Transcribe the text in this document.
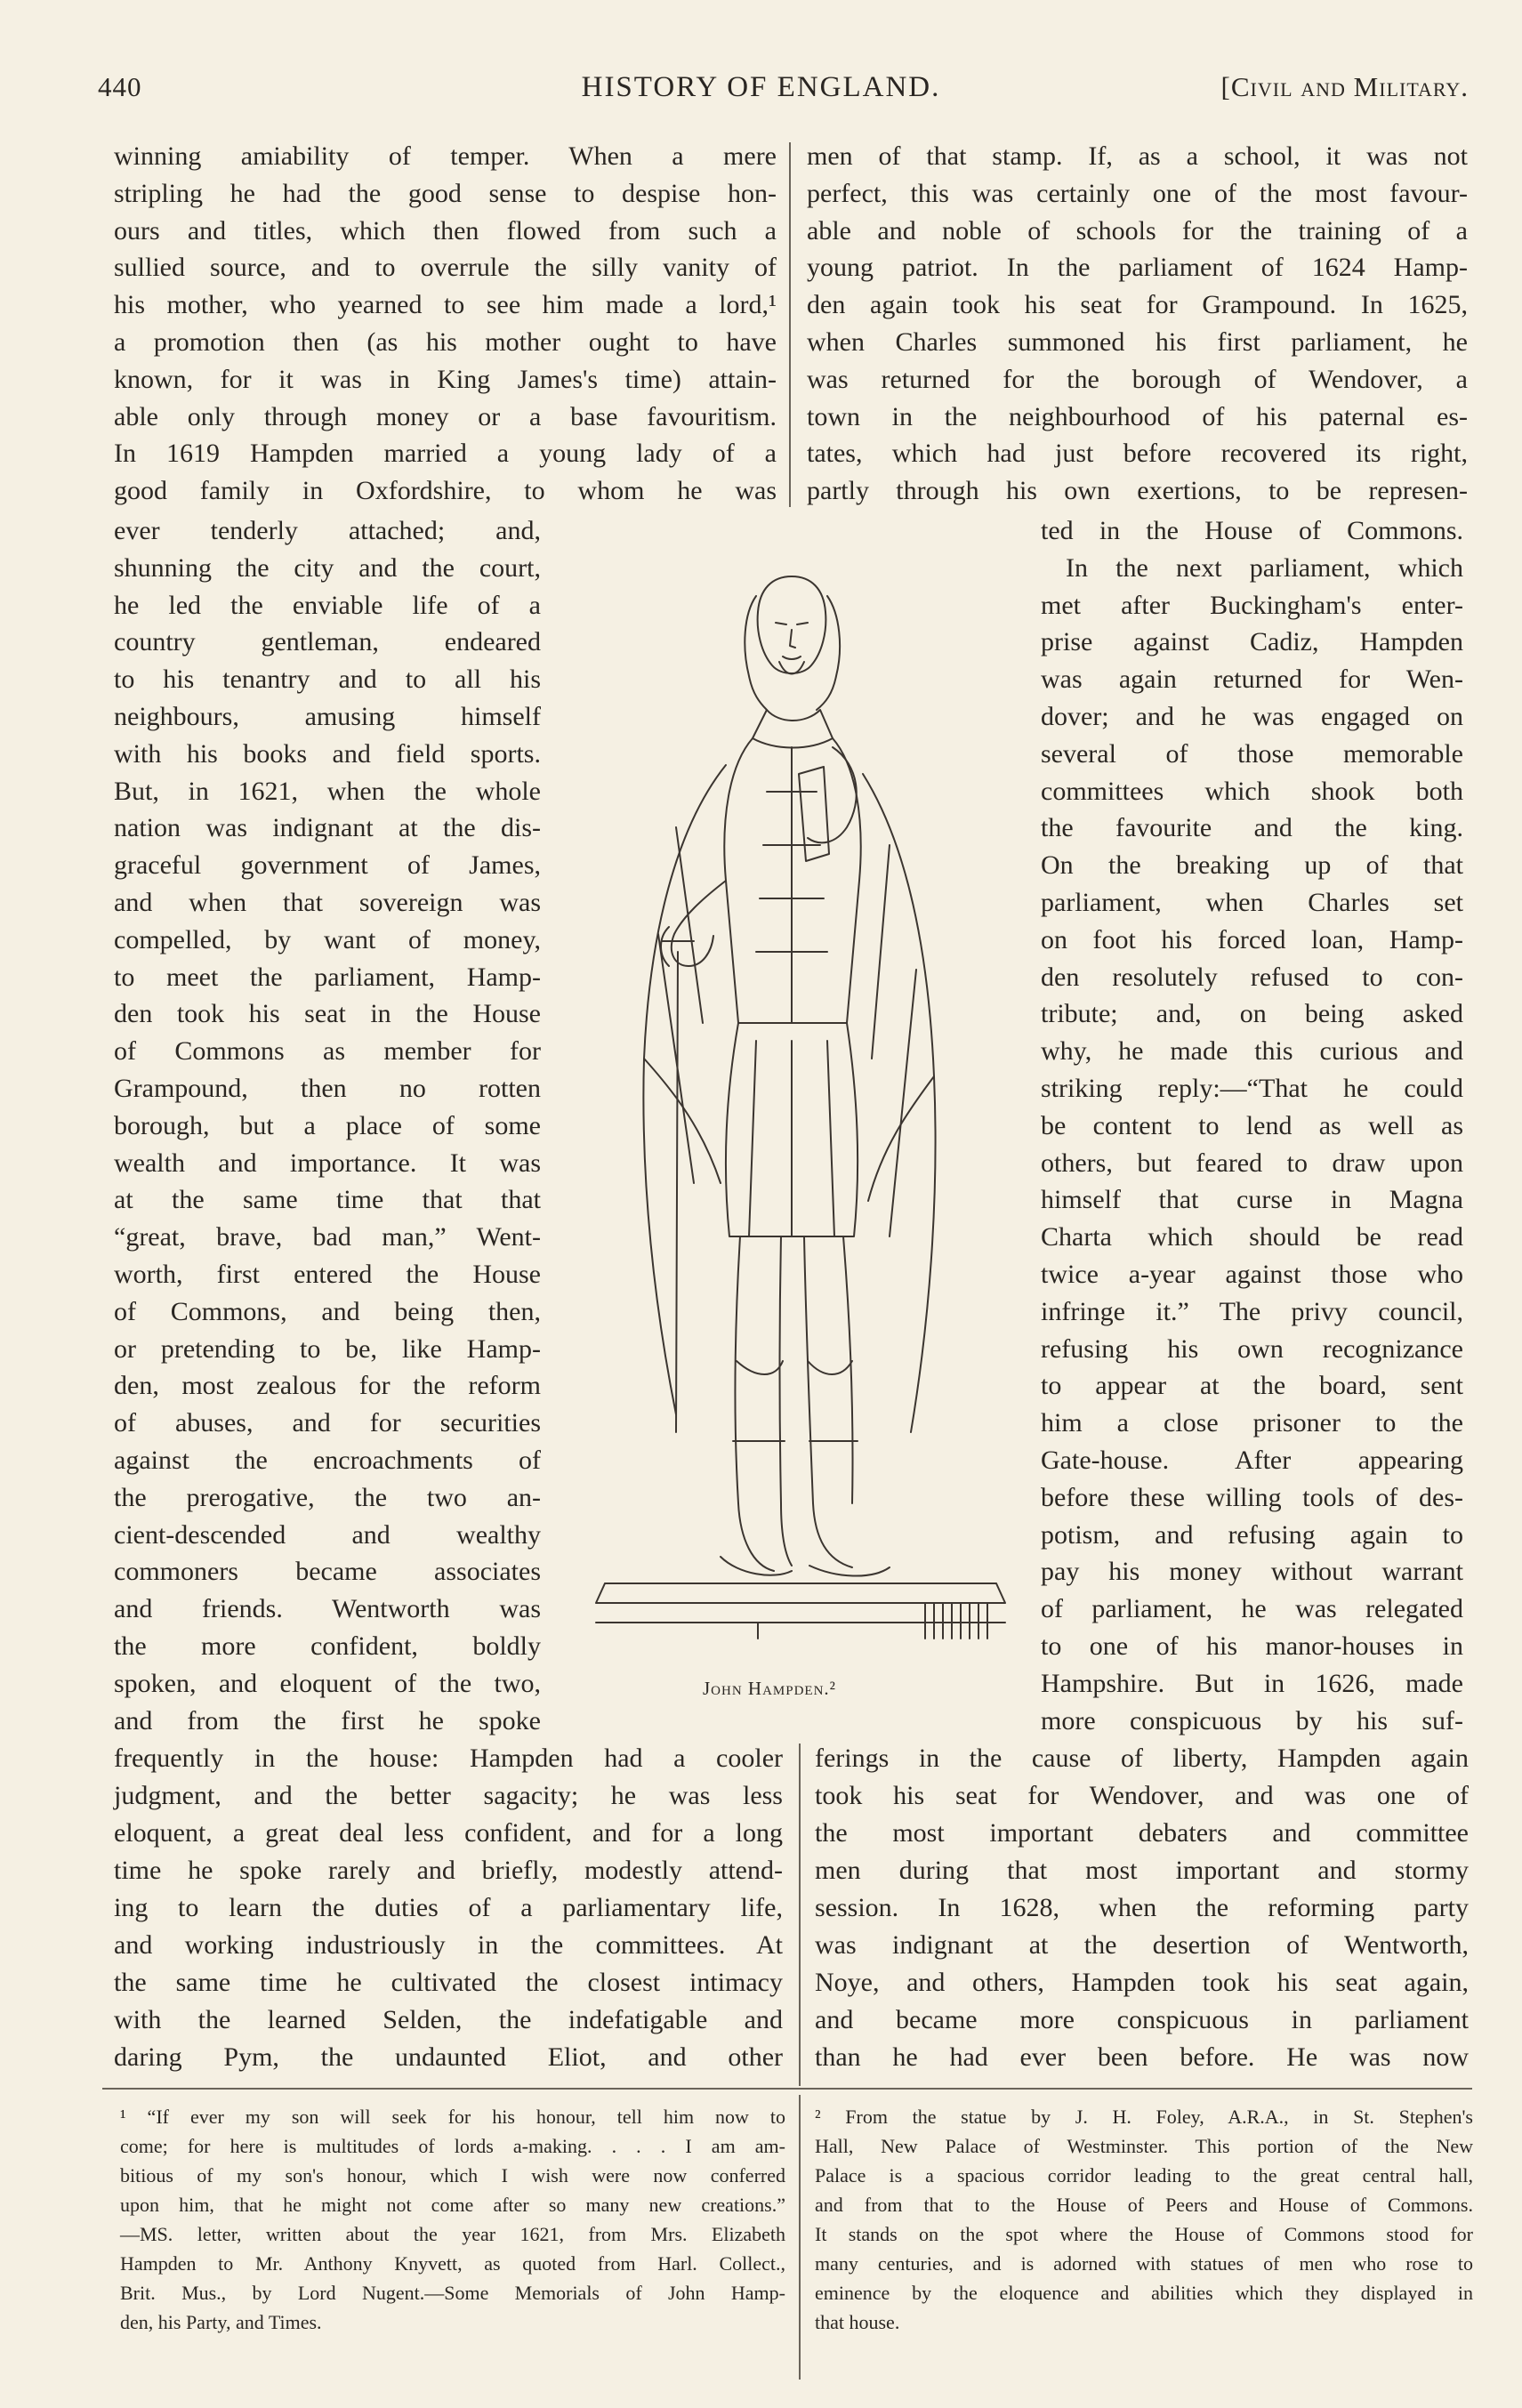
440	HISTORY OF ENGLAND.	[Civil and Military.
winning amiability of temper. When a mere
stripling he had the good sense to despise hon-
ours and titles, which then flowed from such a
sullied source, and to overrule the silly vanity of
his mother, who yearned to see him made a lord,¹
a promotion then (as his mother ought to have
known, for it was in King James's time) attain-
able only through money or a base favouritism.
In 1619 Hampden married a young lady of a
good family in Oxfordshire, to whom he was
ever tenderly attached; and,
shunning the city and the court,
he led the enviable life of a
country gentleman, endeared
to his tenantry and to all his
neighbours, amusing himself
with his books and field sports.
But, in 1621, when the whole
nation was indignant at the dis-
graceful government of James,
and when that sovereign was
compelled, by want of money,
to meet the parliament, Hamp-
den took his seat in the House
of Commons as member for
Grampound, then no rotten
borough, but a place of some
wealth and importance. It was
at the same time that that
“great, brave, bad man,” Went-
worth, first entered the House
of Commons, and being then,
or pretending to be, like Hamp-
den, most zealous for the reform
of abuses, and for securities
against the encroachments of
the prerogative, the two an-
cient-descended and wealthy
commoners became associates
and friends. Wentworth was
the more confident, boldly
spoken, and eloquent of the two,
and from the first he spoke
frequently in the house: Hampden had a cooler
judgment, and the better sagacity; he was less
eloquent, a great deal less confident, and for a long
time he spoke rarely and briefly, modestly attend-
ing to learn the duties of a parliamentary life,
and working industriously in the committees. At
the same time he cultivated the closest intimacy
with the learned Selden, the indefatigable and
daring Pym, the undaunted Eliot, and other
men of that stamp. If, as a school, it was not
perfect, this was certainly one of the most favour-
able and noble of schools for the training of a
young patriot. In the parliament of 1624 Hamp-
den again took his seat for Grampound. In 1625,
when Charles summoned his first parliament, he
was returned for the borough of Wendover, a
town in the neighbourhood of his paternal es-
tates, which had just before recovered its right,
partly through his own exertions, to be represen-
ted in the House of Commons.
In the next parliament, which
met after Buckingham's enter-
prise against Cadiz, Hampden
was again returned for Wen-
dover; and he was engaged on
several of those memorable
committees which shook both
the favourite and the king.
On the breaking up of that
parliament, when Charles set
on foot his forced loan, Hamp-
den resolutely refused to con-
tribute; and, on being asked
why, he made this curious and
striking reply:—“That he could
be content to lend as well as
others, but feared to draw upon
himself that curse in Magna
Charta which should be read
twice a-year against those who
infringe it.” The privy council,
refusing his own recognizance
to appear at the board, sent
him a close prisoner to the
Gate-house. After appearing
before these willing tools of des-
potism, and refusing again to
pay his money without warrant
of parliament, he was relegated
to one of his manor-houses in
Hampshire. But in 1626, made
more conspicuous by his suf-
ferings in the cause of liberty, Hampden again
took his seat for Wendover, and was one of
the most important debaters and committee
men during that most important and stormy
session. In 1628, when the reforming party
was indignant at the desertion of Wentworth,
Noye, and others, Hampden took his seat again,
and became more conspicuous in parliament
than he had ever been before. He was now
John Hampden.²
¹ “If ever my son will seek for his honour, tell him now to
come; for here is multitudes of lords a-making. . . . I am am-
bitious of my son's honour, which I wish were now conferred
upon him, that he might not come after so many new creations.”
—MS. letter, written about the year 1621, from Mrs. Elizabeth
Hampden to Mr. Anthony Knyvett, as quoted from Harl. Collect.,
Brit. Mus., by Lord Nugent.—Some Memorials of John Hamp-
den, his Party, and Times.
² From the statue by J. H. Foley, A.R.A., in St. Stephen's
Hall, New Palace of Westminster. This portion of the New
Palace is a spacious corridor leading to the great central hall,
and from that to the House of Peers and House of Commons.
It stands on the spot where the House of Commons stood for
many centuries, and is adorned with statues of men who rose to
eminence by the eloquence and abilities which they displayed in
that house.
